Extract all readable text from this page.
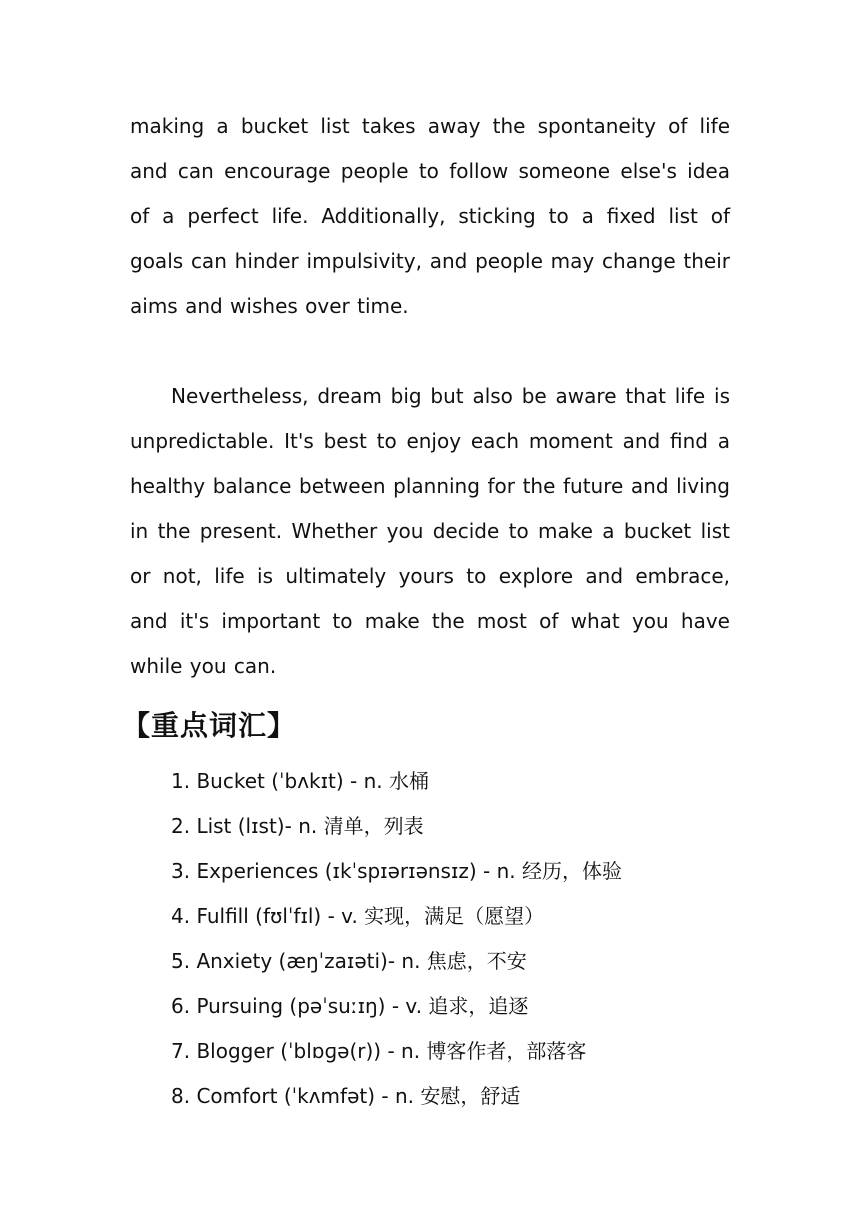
making a bucket list takes away the spontaneity of life and can encourage people to follow someone else's idea of a perfect life. Additionally, sticking to a fixed list of goals can hinder impulsivity, and people may change their aims and wishes over time.

Nevertheless, dream big but also be aware that life is unpredictable. It's best to enjoy each moment and find a healthy balance between planning for the future and living in the present. Whether you decide to make a bucket list or not, life is ultimately yours to explore and embrace, and it's important to make the most of what you have while you can.

【重点词汇】
1. Bucket (ˈbʌkɪt) - n. 水桶
2. List (lɪst)- n. 清单，列表
3. Experiences (ɪkˈspɪərɪənsɪz) - n. 经历，体验
4. Fulfill (fʊlˈfɪl) - v. 实现，满足（愿望）
5. Anxiety (æŋˈzaɪəti)- n. 焦虑，不安
6. Pursuing (pəˈsuːɪŋ) - v. 追求，追逐
7. Blogger (ˈblɒɡə(r)) - n. 博客作者，部落客
8. Comfort (ˈkʌmfət) - n. 安慰，舒适
